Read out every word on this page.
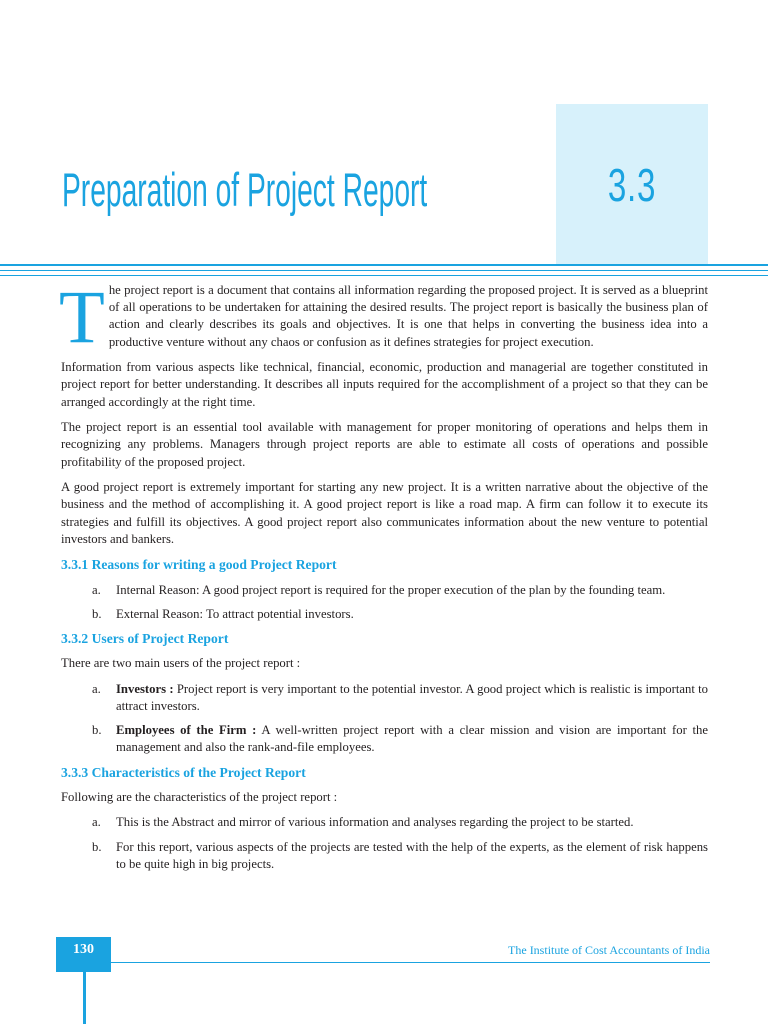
3.3
Preparation of Project Report

The project report is a document that contains all information regarding the proposed project. It is served as a blueprint of all operations to be undertaken for attaining the desired results. The project report is basically the business plan of action and clearly describes its goals and objectives. It is one that helps in converting the business idea into a productive venture without any chaos or confusion as it defines strategies for project execution.

Information from various aspects like technical, financial, economic, production and managerial are together constituted in project report for better understanding. It describes all inputs required for the accomplishment of a project so that they can be arranged accordingly at the right time.

The project report is an essential tool available with management for proper monitoring of operations and helps them in recognizing any problems. Managers through project reports are able to estimate all costs of operations and possible profitability of the proposed project.

A good project report is extremely important for starting any new project. It is a written narrative about the objective of the business and the method of accomplishing it. A good project report is like a road map. A firm can follow it to execute its strategies and fulfill its objectives. A good project report also communicates information about the new venture to potential investors and bankers.

3.3.1 Reasons for writing a good Project Report
a. Internal Reason: A good project report is required for the proper execution of the plan by the founding team.
b. External Reason: To attract potential investors.
3.3.2 Users of Project Report

There are two main users of the project report :

a. Investors : Project report is very important to the potential investor. A good project which is realistic is important to attract investors.
b. Employees of the Firm : A well-written project report with a clear mission and vision are important for the management and also the rank-and-file employees.
3.3.3 Characteristics of the Project Report

Following are the characteristics of the project report :

a. This is the Abstract and mirror of various information and analyses regarding the project to be started.
b. For this report, various aspects of the projects are tested with the help of the experts, as the element of risk happens to be quite high in big projects.
130	The Institute of Cost Accountants of India
